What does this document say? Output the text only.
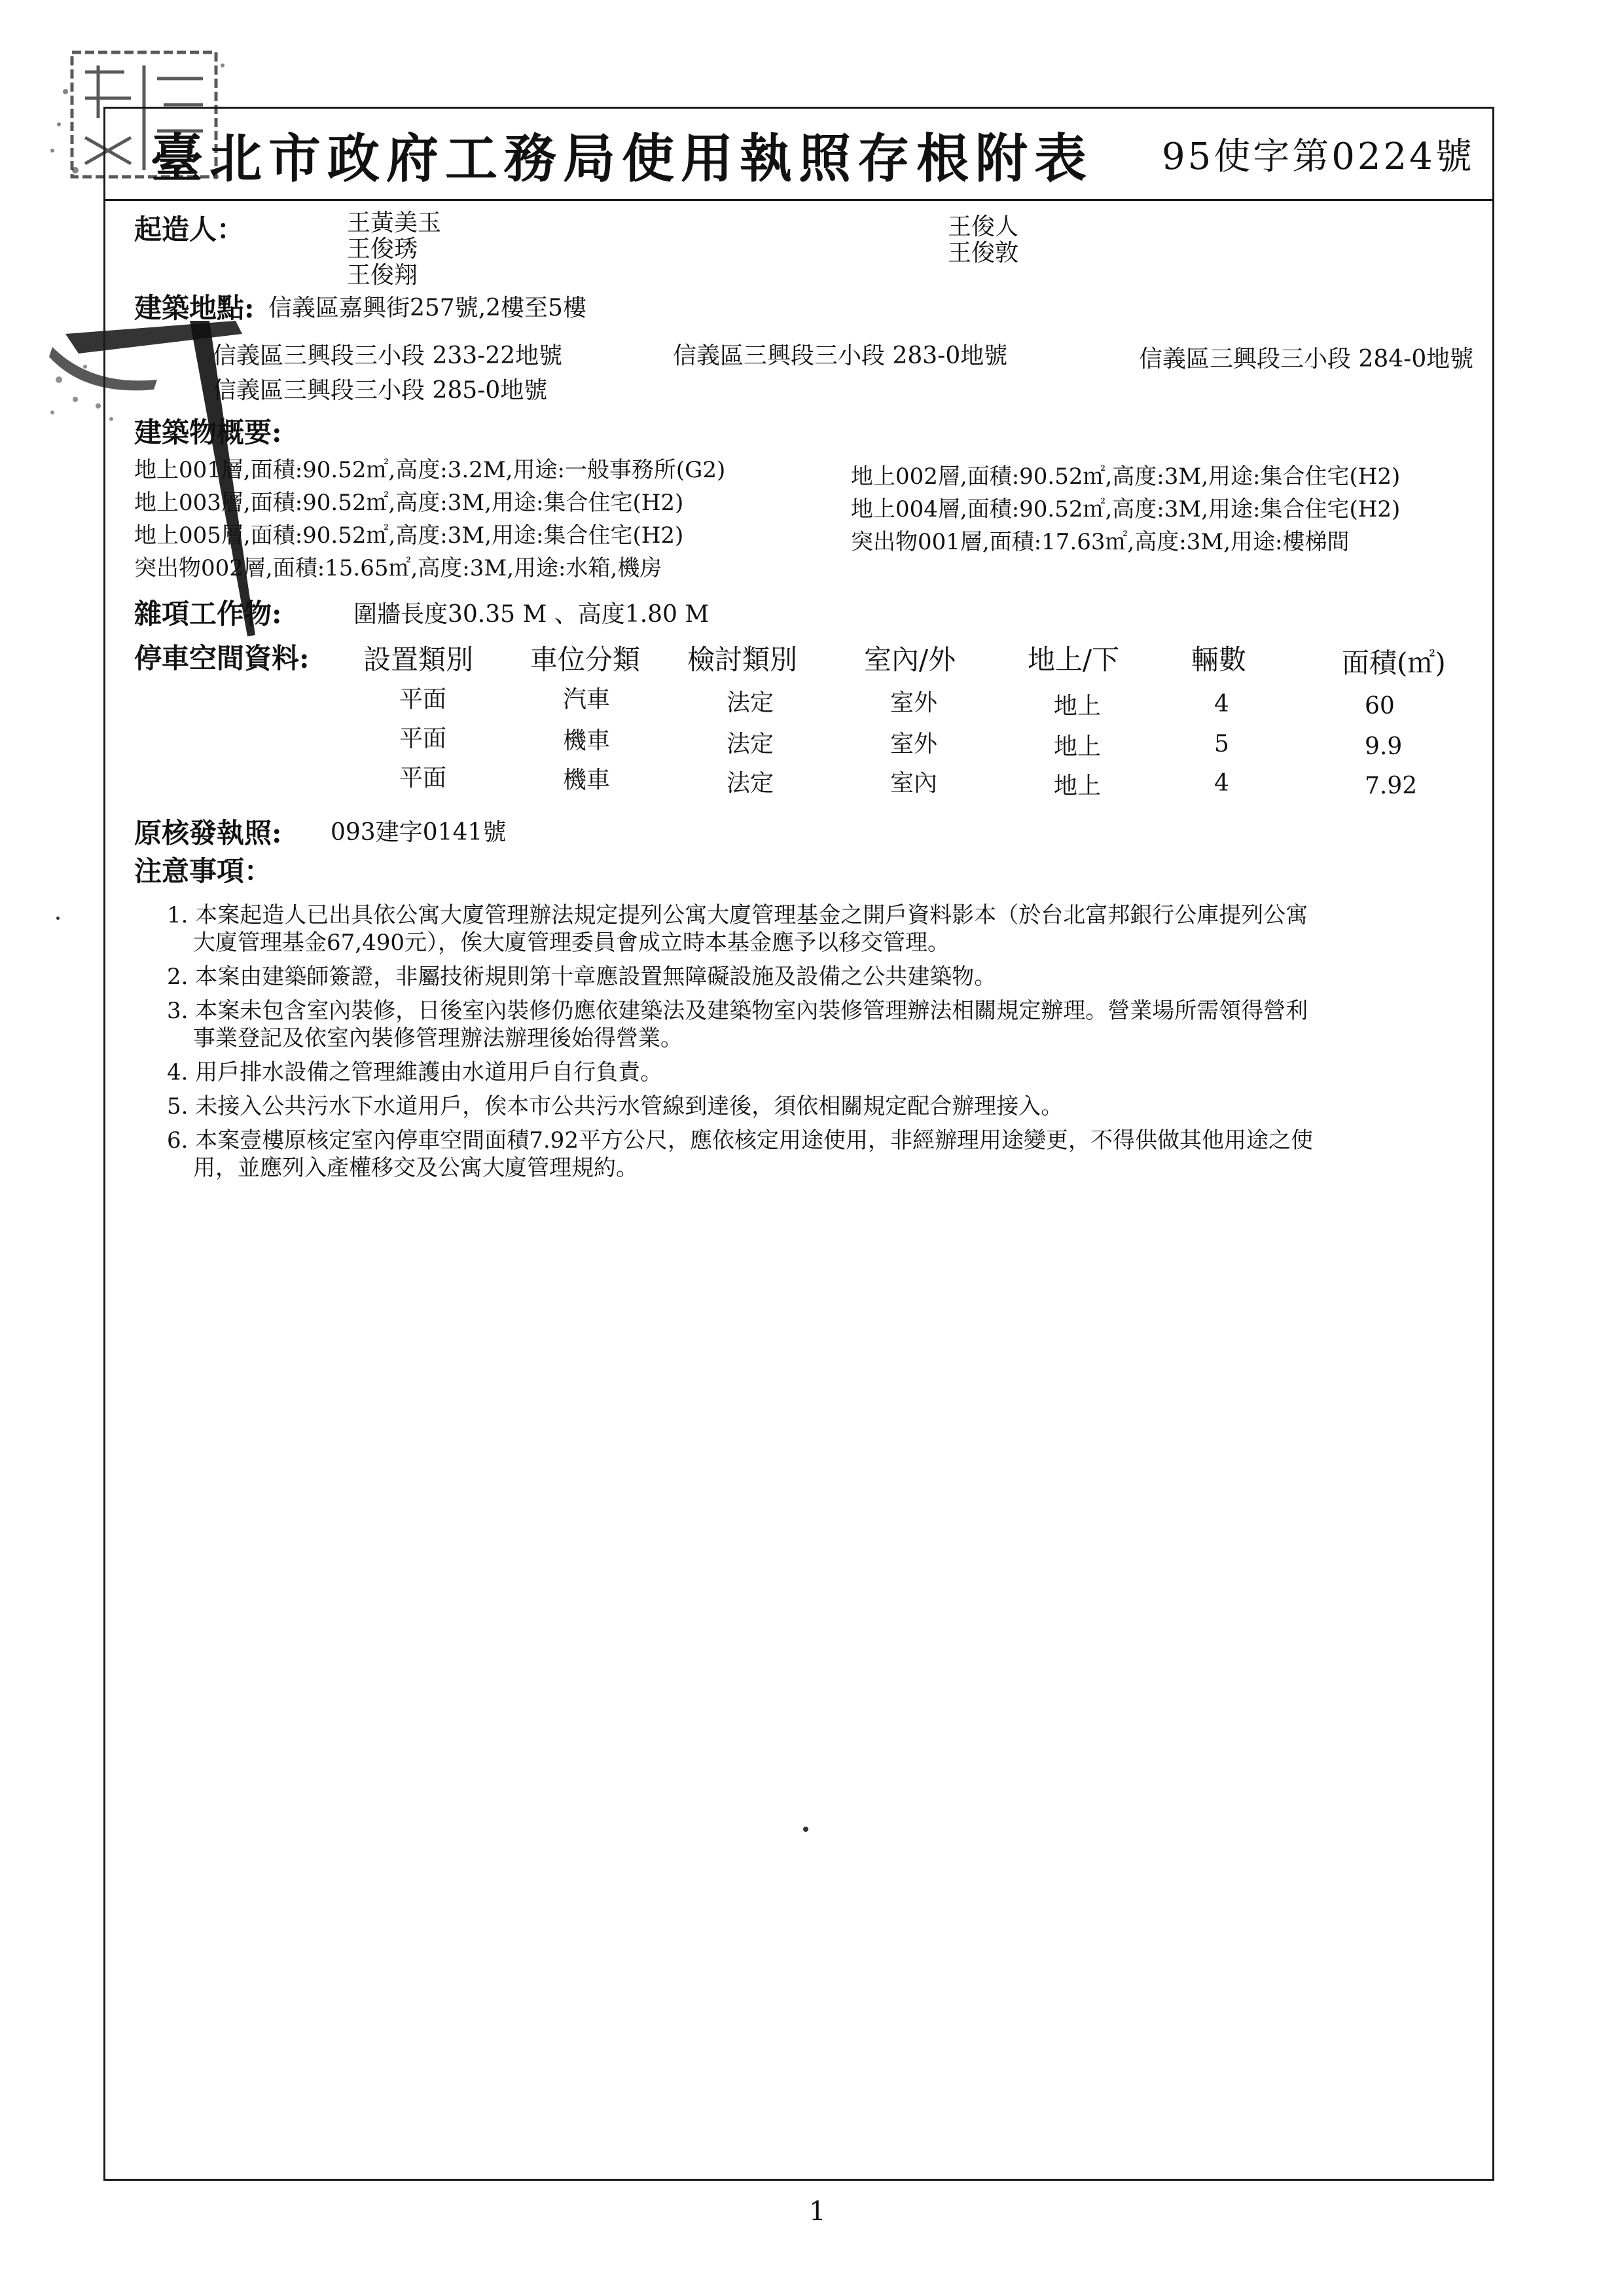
臺北市政府工務局使用執照存根附表 95使字第0224號
起造人：	王黃美玉
王俊琇
王俊翔
王俊人
王俊敦
建築地點: 信義區嘉興街257號,2樓至5樓
信義區三興段三小段 233-22地號	信義區三興段三小段 283-0地號	信義區三興段三小段 284-0地號
信義區三興段三小段 285-0地號
建築物概要:
地上001層,面積:90.52㎡,高度:3.2M,用途:一般事務所(G2)
地上003層,面積:90.52㎡,高度:3M,用途:集合住宅(H2)
地上005層,面積:90.52㎡,高度:3M,用途:集合住宅(H2)
突出物002層,面積:15.65㎡,高度:3M,用途:水箱,機房
地上002層,面積:90.52㎡,高度:3M,用途:集合住宅(H2)
地上004層,面積:90.52㎡,高度:3M,用途:集合住宅(H2)
突出物001層,面積:17.63㎡,高度:3M,用途:樓梯間
雜項工作物:	圍牆長度30.35 M 、高度1.80 M
停車空間資料: 設置類別 車位分類 檢討類別 室內/外	地上/下	輛數	面積(㎡)
平面	汽車	法定	室外	地上	4	60
平面	機車	法定	室外	地上	5	9.9
平面	機車	法定	室內	地上	4	7.92
原核發執照: 093建字0141號
注意事項：
1. 本案起造人已出具依公寓大廈管理辦法規定提列公寓大廈管理基金之開戶資料影本（於台北富邦銀行公庫提列公寓
大廈管理基金67,490元），俟大廈管理委員會成立時本基金應予以移交管理。
2. 本案由建築師簽證，非屬技術規則第十章應設置無障礙設施及設備之公共建築物。
3. 本案未包含室內裝修，日後室內裝修仍應依建築法及建築物室內裝修管理辦法相關規定辦理。營業場所需領得營利
事業登記及依室內裝修管理辦法辦理後始得營業。
4. 用戶排水設備之管理維護由水道用戶自行負責。
5. 未接入公共污水下水道用戶，俟本市公共污水管線到達後，須依相關規定配合辦理接入。
6. 本案壹樓原核定室內停車空間面積7.92平方公尺，應依核定用途使用，非經辦理用途變更，不得供做其他用途之使
用，並應列入產權移交及公寓大廈管理規約。
1
